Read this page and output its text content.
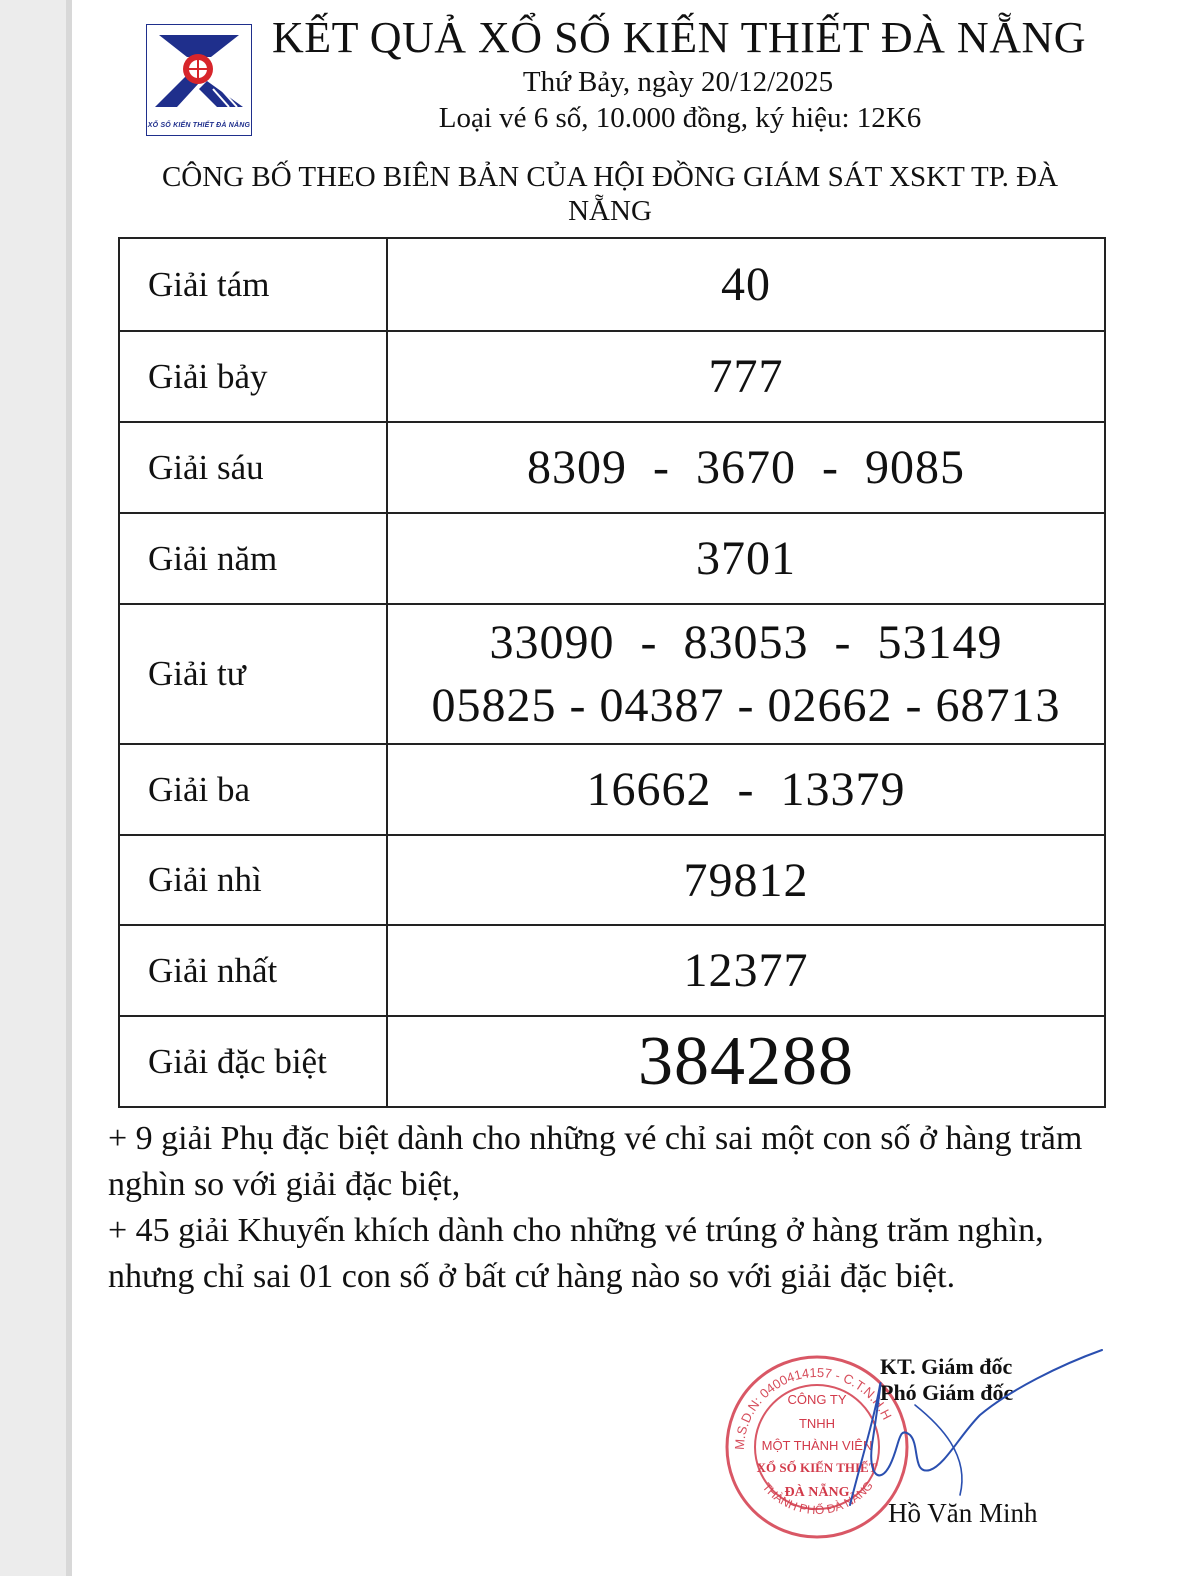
XỔ SỐ KIẾN THIẾT ĐÀ NẴNG
KẾT QUẢ XỔ SỐ KIẾN THIẾT ĐÀ NẴNG
Thứ Bảy, ngày 20/12/2025
Loại vé 6 số, 10.000 đồng, ký hiệu: 12K6
CÔNG BỐ THEO BIÊN BẢN CỦA HỘI ĐỒNG GIÁM SÁT XSKT TP. ĐÀ NẴNG
Giải tám	40

Giải bảy	777

Giải sáu	8309  -  3670  -  9085

Giải năm	3701

Giải tư	33090  -  83053  -  53149
05825 - 04387 - 02662 - 68713

Giải ba	16662  -  13379

Giải nhì	79812

Giải nhất	12377

Giải đặc biệt	384288

+ 9 giải Phụ đặc biệt dành cho những vé chỉ sai một con số ở hàng trăm nghìn so với giải đặc biệt,

+ 45 giải Khuyến khích dành cho những vé trúng ở hàng trăm nghìn, nhưng chỉ sai 01 con số ở bất cứ hàng nào so với giải đặc biệt.

M.S.D.N: 0400414157 - C.T.N.H.H
THÀNH PHỐ ĐÀ NẴNG
CÔNG TY
TNHH
MỘT THÀNH VIÊN
XỔ SỐ KIẾN THIẾT
ĐÀ NẴNG
KT. Giám đốc
Phó Giám đốc
Hồ Văn Minh
